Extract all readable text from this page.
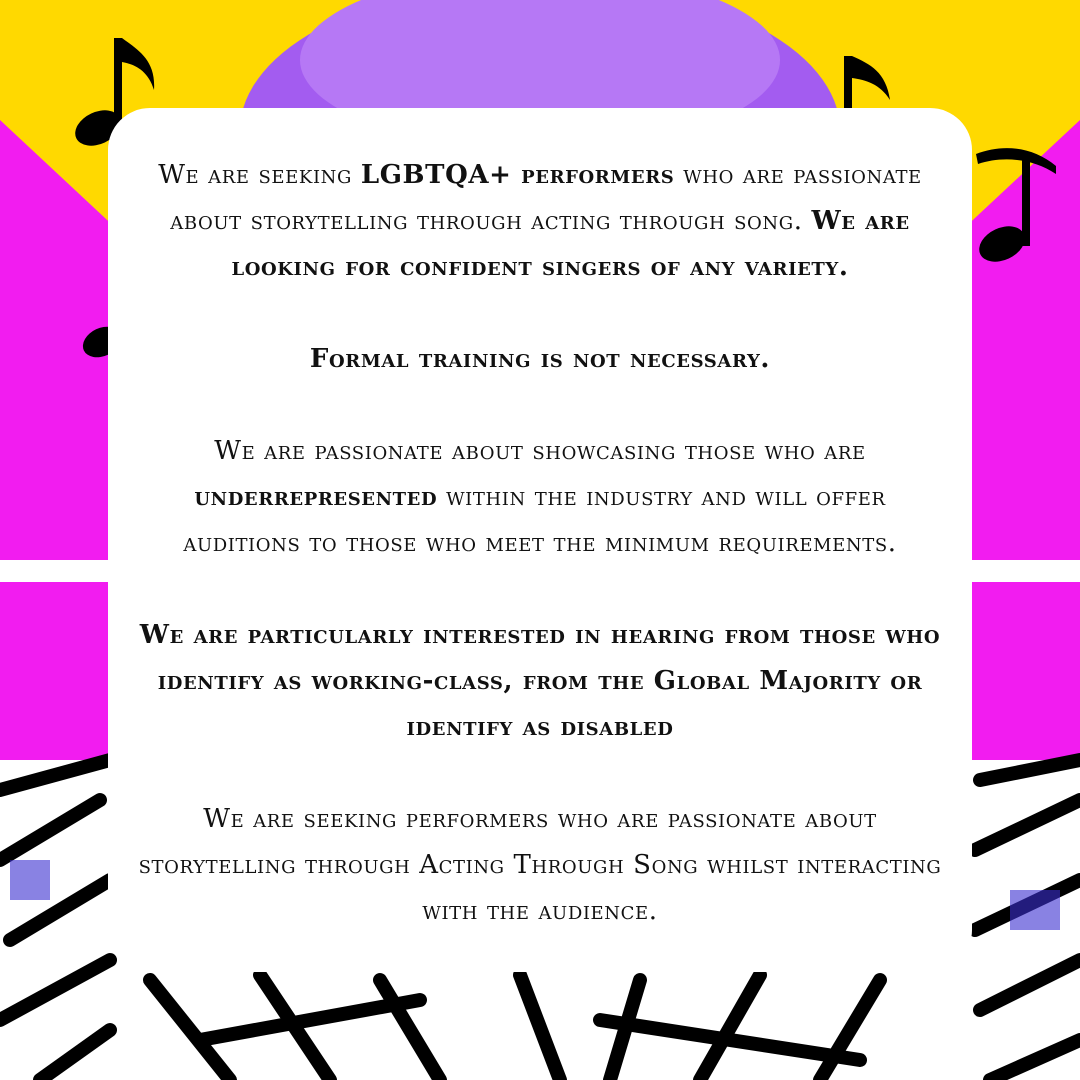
We are seeking LGBTQA+ performers who are passionate about storytelling through acting through song. We are looking for confident singers of any variety.

Formal training is not necessary.

We are passionate about showcasing those who are underrepresented within the industry and will offer auditions to those who meet the minimum requirements.

We are particularly interested in hearing from those who identify as working-class, from the Global Majority or identify as disabled

We are seeking performers who are passionate about storytelling through Acting Through Song whilst interacting with the audience.
